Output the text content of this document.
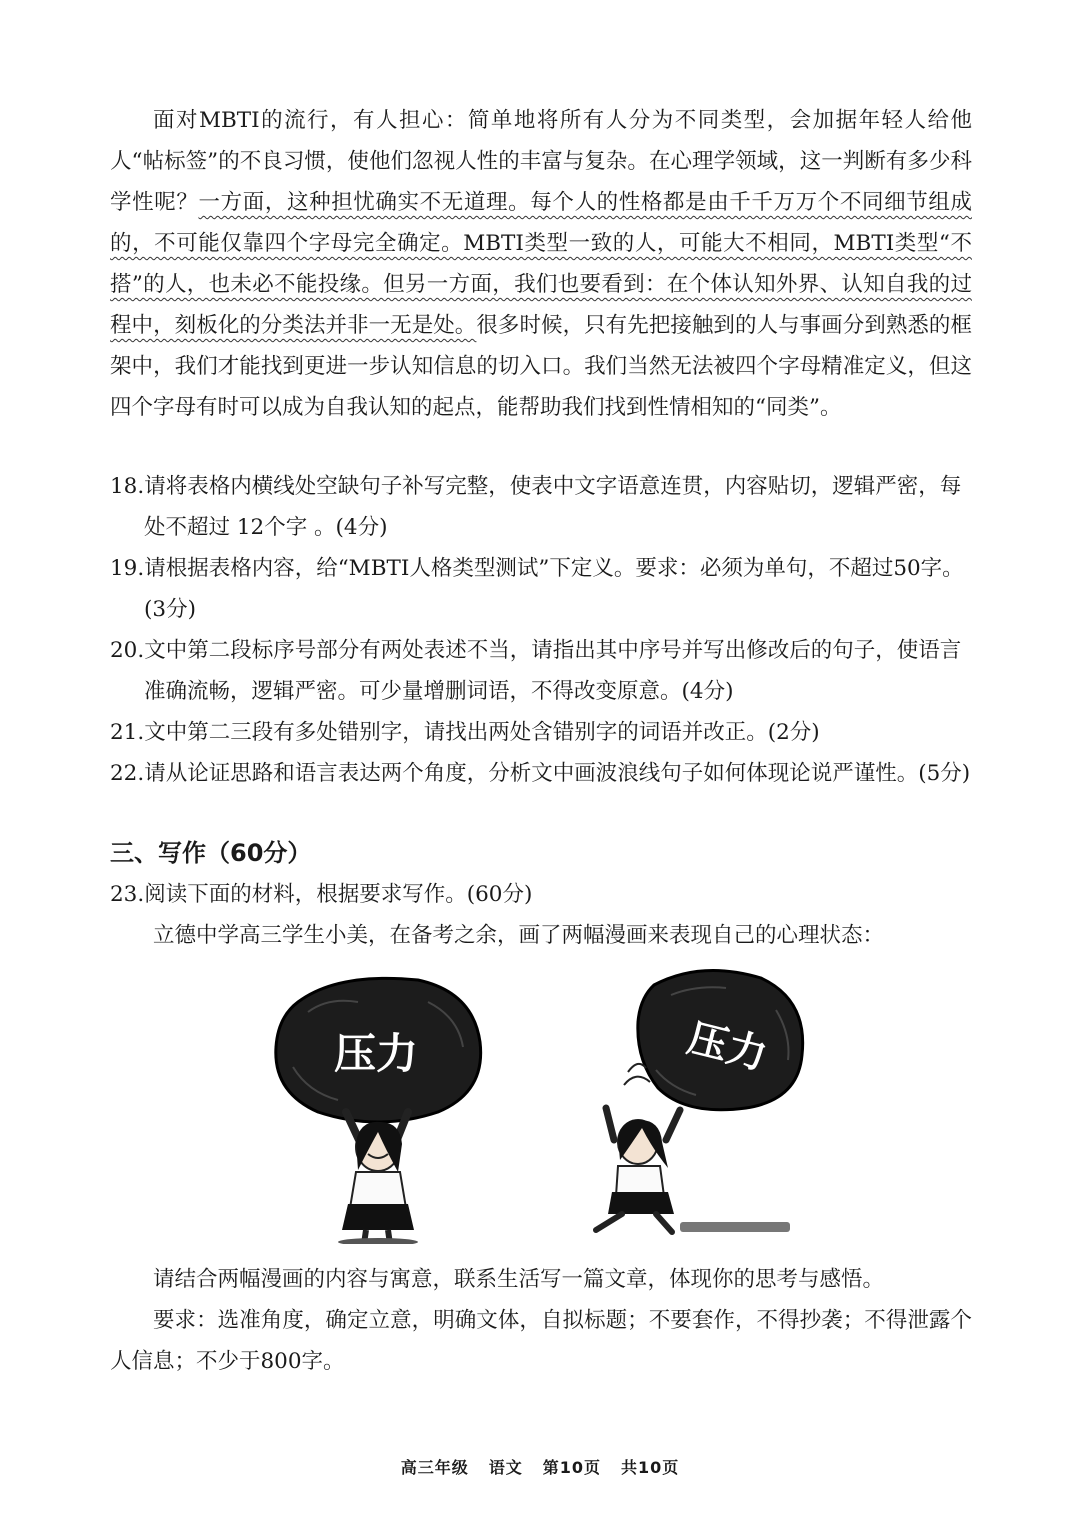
面对MBTI的流行，有人担心：简单地将所有人分为不同类型，会加据年轻人给他人“帖标签”的不良习惯，使他们忽视人性的丰富与复杂。在心理学领域，这一判断有多少科学性呢？一方面，这种担忧确实不无道理。每个人的性格都是由千千万万个不同细节组成的，不可能仅靠四个字母完全确定。MBTI类型一致的人，可能大不相同，MBTI类型“不搭”的人，也未必不能投缘。但另一方面，我们也要看到：在个体认知外界、认知自我的过程中，刻板化的分类法并非一无是处。很多时候，只有先把接触到的人与事画分到熟悉的框架中，我们才能找到更进一步认知信息的切入口。我们当然无法被四个字母精准定义，但这四个字母有时可以成为自我认知的起点，能帮助我们找到性情相知的“同类”。

18.请将表格内横线处空缺句子补写完整，使表中文字语意连贯，内容贴切，逻辑严密，每处不超过 12个字 。(4分)

19.请根据表格内容，给“MBTI人格类型测试”下定义。要求：必须为单句，不超过50字。(3分)

20.文中第二段标序号部分有两处表述不当，请指出其中序号并写出修改后的句子，使语言准确流畅，逻辑严密。可少量增删词语，不得改变原意。(4分)

21.文中第二三段有多处错别字，请找出两处含错别字的词语并改正。(2分)

22.请从论证思路和语言表达两个角度，分析文中画波浪线句子如何体现论说严谨性。(5分)

三、写作（60分）

23.阅读下面的材料，根据要求写作。(60分)

立德中学高三学生小美，在备考之余，画了两幅漫画来表现自己的心理状态：

压力	压力

请结合两幅漫画的内容与寓意，联系生活写一篇文章，体现你的思考与感悟。

要求：选准角度，确定立意，明确文体，自拟标题；不要套作，不得抄袭；不得泄露个人信息；不少于800字。

高三年级 语文 第10页 共10页
